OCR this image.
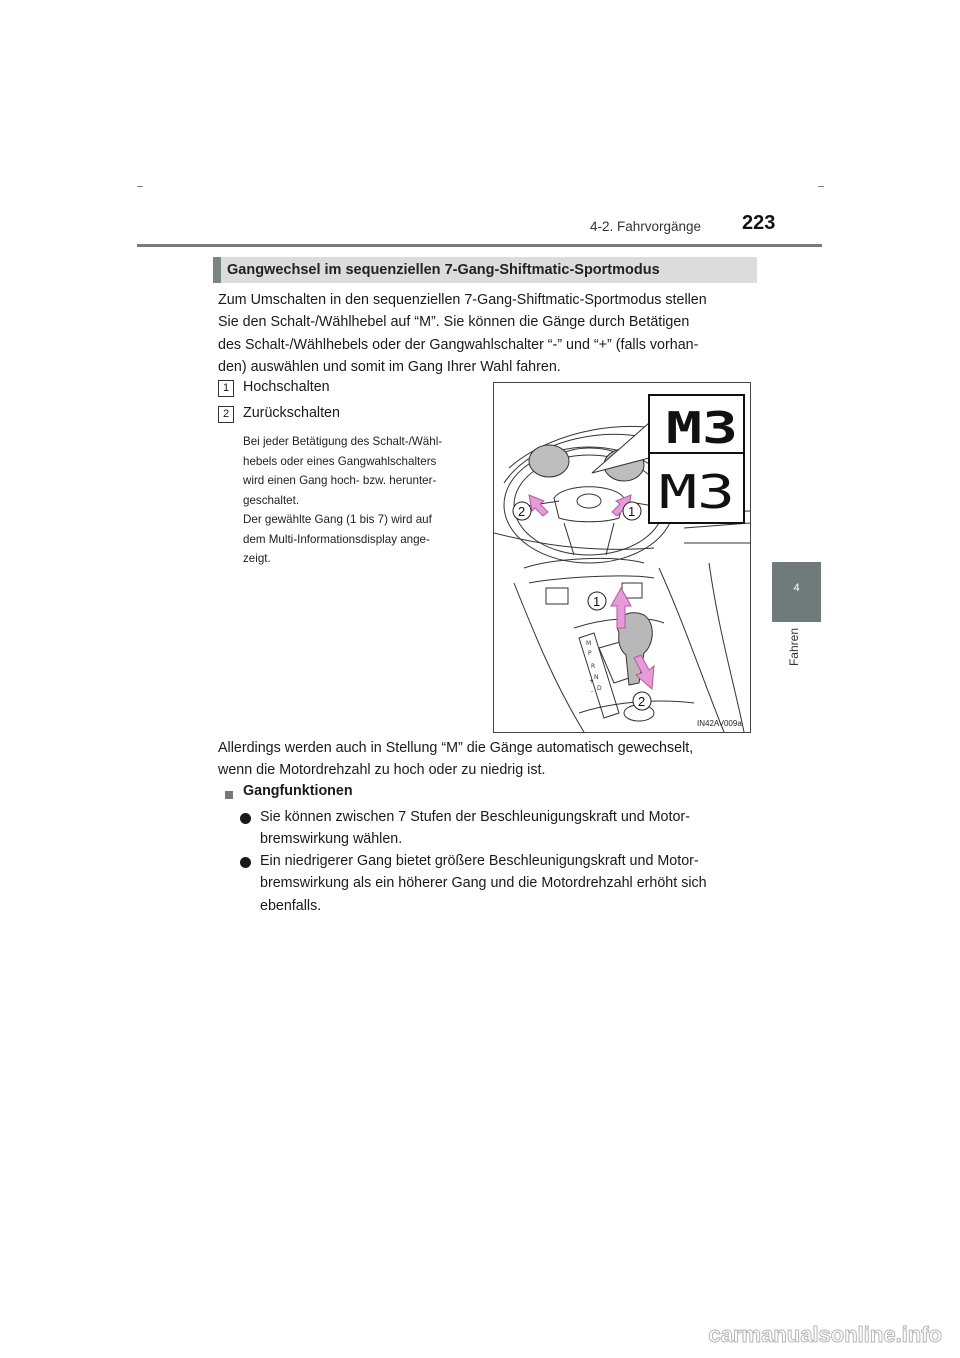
4-2. Fahrvorgänge 223
4
Fahren
Gangwechsel im sequenziellen 7-Gang-Shiftmatic-Sportmodus
Zum Umschalten in den sequenziellen 7-Gang-Shiftmatic-Sportmodus stellen
Sie den Schalt-/Wählhebel auf “M”. Sie können die Gänge durch Betätigen
des Schalt-/Wählhebels oder der Gangwahlschalter “-” und “+” (falls vorhan-
den) auswählen und somit im Gang Ihrer Wahl fahren.
1 Hochschalten
2 Zurückschalten
Bei jeder Betätigung des Schalt-/Wähl-
hebels oder eines Gangwahlschalters
wird einen Gang hoch- bzw. herunter-
geschaltet.
Der gewählte Gang (1 bis 7) wird auf
dem Multi-Informationsdisplay ange-
zeigt.
M
P
R
N
D
+
-
M3
M3
2	1
1
2
IN42AV009a
Allerdings werden auch in Stellung “M” die Gänge automatisch gewechselt,
wenn die Motordrehzahl zu hoch oder zu niedrig ist.
Gangfunktionen
Sie können zwischen 7 Stufen der Beschleunigungskraft und Motor-
bremswirkung wählen.
Ein niedrigerer Gang bietet größere Beschleunigungskraft und Motor-
bremswirkung als ein höherer Gang und die Motordrehzahl erhöht sich
ebenfalls.
carmanualsonline.info
